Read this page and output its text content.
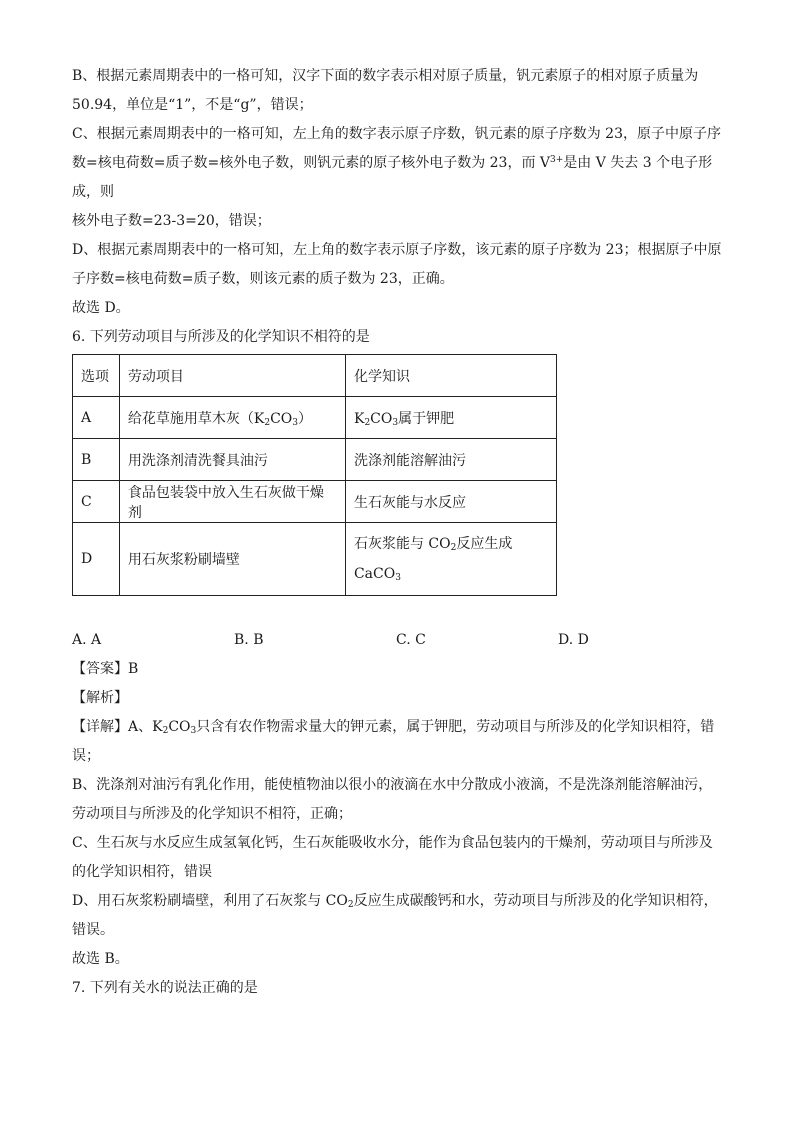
B、根据元素周期表中的一格可知，汉字下面的数字表示相对原子质量，钒元素原子的相对原子质量为
50.94，单位是“1”，不是“g”，错误；

C、根据元素周期表中的一格可知，左上角的数字表示原子序数，钒元素的原子序数为 23，原子中原子序
数=核电荷数=质子数=核外电子数，则钒元素的原子核外电子数为 23，而 $V^{3+}$是由 V 失去 3 个电子形成，则
核外电子数=23-3=20，错误；

D、根据元素周期表中的一格可知，左上角的数字表示原子序数，该元素的原子序数为 23；根据原子中原
子序数=核电荷数=质子数，则该元素的质子数为 23，正确。

故选 D。

6. 下列劳动项目与所涉及的化学知识不相符的是

选项	劳动项目	化学知识
A	给花草施用草木灰$(K_2CO_3)$	$K_2CO_3$属于钾肥
B	用洗涤剂清洗餐具油污	洗涤剂能溶解油污
C	食品包装袋中放入生石灰做干燥剂	生石灰能与水反应
D	用石灰浆粉刷墙壁	石灰浆能与 $CO_2$反应生成
CaCO$_3$
A. A	B. B	C. C	D. D

【答案】B

【解析】

【详解】A、$K_2CO_3$只含有农作物需求量大的钾元素，属于钾肥，劳动项目与所涉及的化学知识相符，错
误；

B、洗涤剂对油污有乳化作用，能使植物油以很小的液滴在水中分散成小液滴，不是洗涤剂能溶解油污，
劳动项目与所涉及的化学知识不相符，正确；

C、生石灰与水反应生成氢氧化钙，生石灰能吸收水分，能作为食品包装内的干燥剂，劳动项目与所涉及
的化学知识相符，错误

D、用石灰浆粉刷墙壁，利用了石灰浆与 $CO_2$反应生成碳酸钙和水，劳动项目与所涉及的化学知识相符，
错误。

故选 B。

7. 下列有关水的说法正确的是
